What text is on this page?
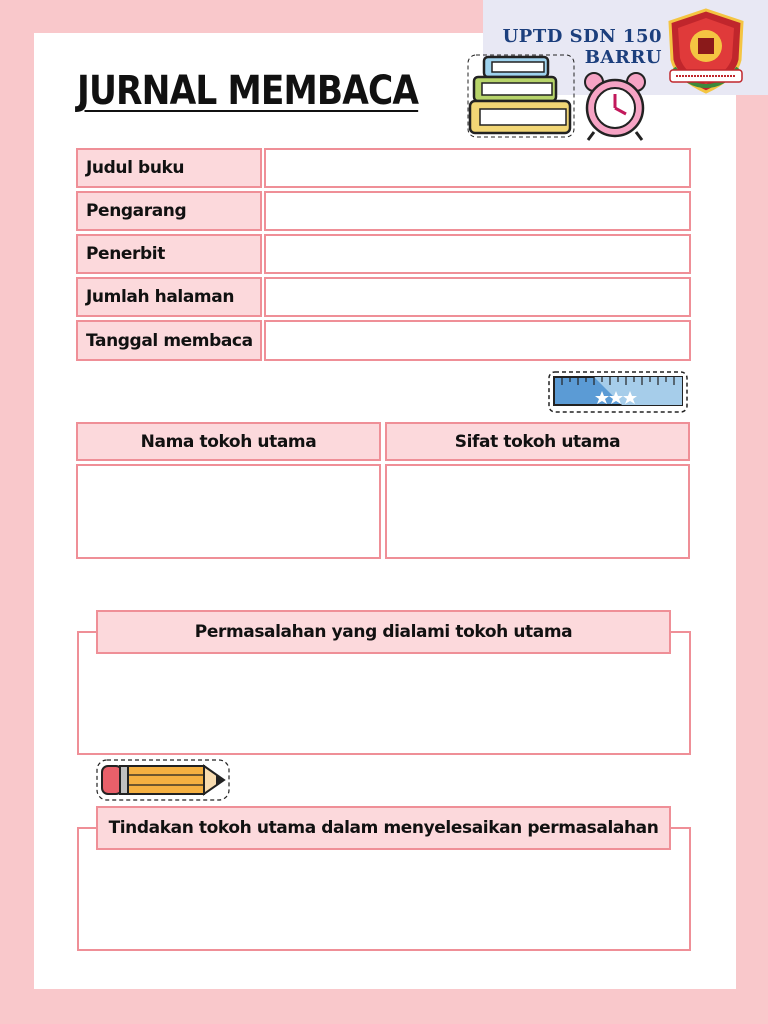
UPTD SDN 150
BARRU
JURNAL MEMBACA
Judul buku
Pengarang
Penerbit
Jumlah halaman
Tanggal membaca
Nama tokoh utama	Sifat tokoh utama
Permasalahan yang dialami tokoh utama
Tindakan tokoh utama dalam menyelesaikan permasalahan
